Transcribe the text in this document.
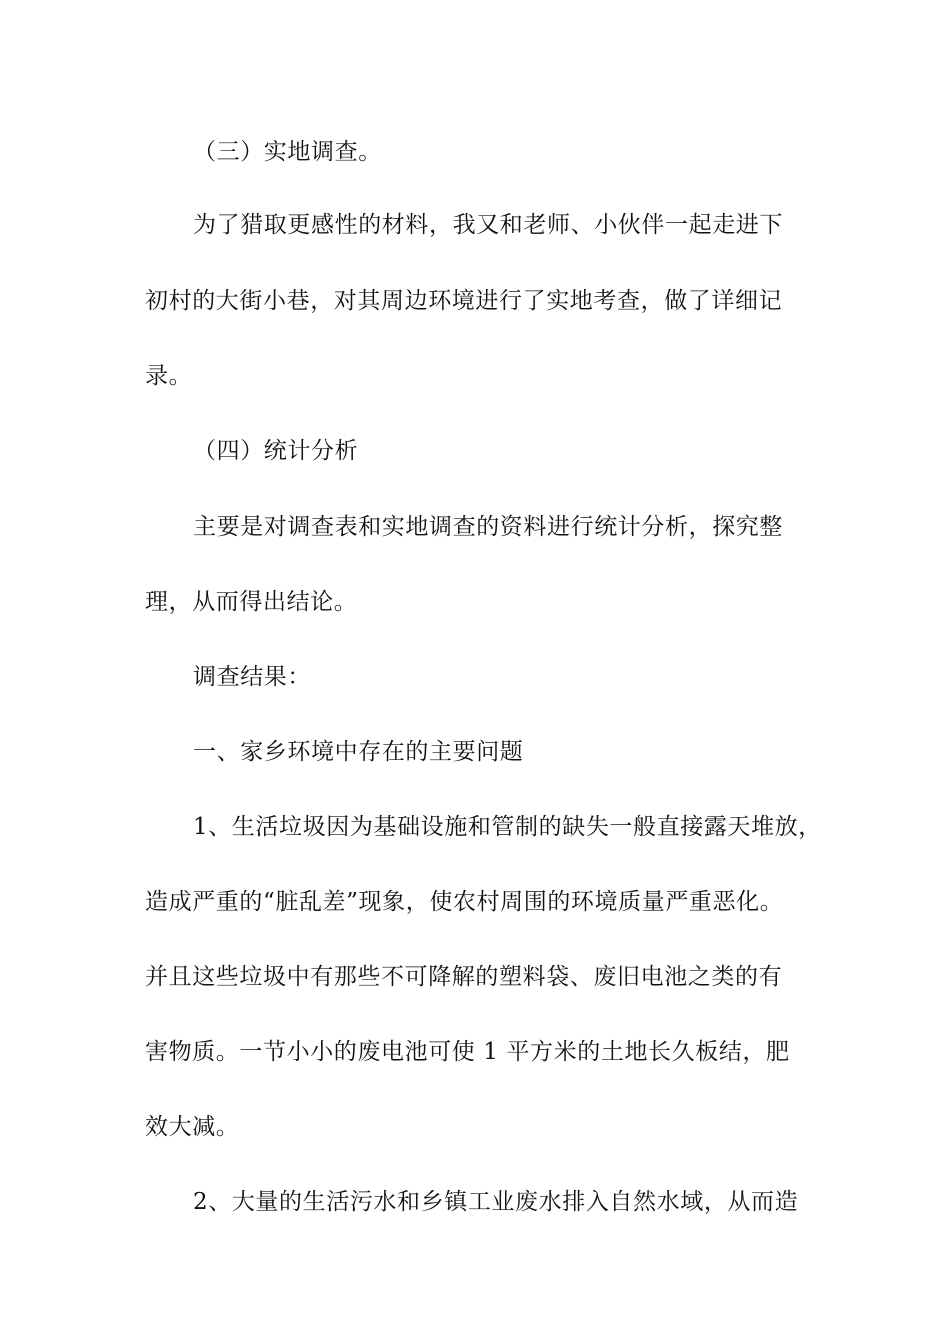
（三）实地调查。
为了猎取更感性的材料，我又和老师、小伙伴一起走进下
初村的大街小巷，对其周边环境进行了实地考查，做了详细记
录。
（四）统计分析
主要是对调查表和实地调查的资料进行统计分析，探究整
理，从而得出结论。
调查结果：
一、家乡环境中存在的主要问题
1、生活垃圾因为基础设施和管制的缺失一般直接露天堆放，
造成严重的“脏乱差”现象，使农村周围的环境质量严重恶化。
并且这些垃圾中有那些不可降解的塑料袋、废旧电池之类的有
害物质。一节小小的废电池可使 1 平方米的土地长久板结，肥
效大减。
2、大量的生活污水和乡镇工业废水排入自然水域，从而造
